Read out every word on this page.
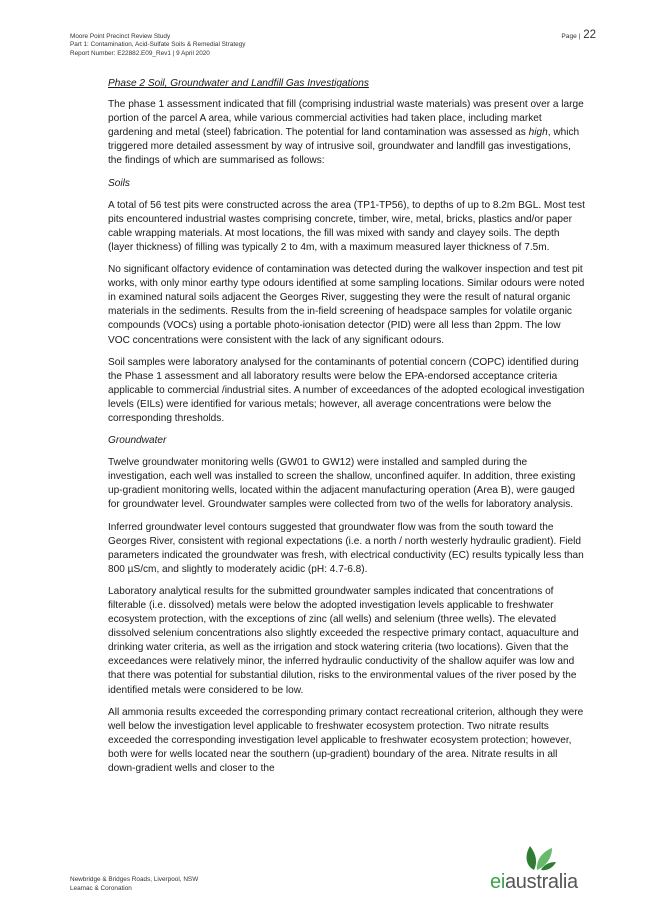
Moore Point Precinct Review Study
Part 1: Contamination, Acid-Sulfate Soils & Remedial Strategy
Report Number: E22882.E09_Rev1 | 9 April 2020
Page | 22
Phase 2 Soil, Groundwater and Landfill Gas Investigations

The phase 1 assessment indicated that fill (comprising industrial waste materials) was present over a large portion of the parcel A area, while various commercial activities had taken place, including market gardening and metal (steel) fabrication. The potential for land contamination was assessed as high, which triggered more detailed assessment by way of intrusive soil, groundwater and landfill gas investigations, the findings of which are summarised as follows:

Soils

A total of 56 test pits were constructed across the area (TP1-TP56), to depths of up to 8.2m BGL. Most test pits encountered industrial wastes comprising concrete, timber, wire, metal, bricks, plastics and/or paper cable wrapping materials. At most locations, the fill was mixed with sandy and clayey soils. The depth (layer thickness) of filling was typically 2 to 4m, with a maximum measured layer thickness of 7.5m.

No significant olfactory evidence of contamination was detected during the walkover inspection and test pit works, with only minor earthy type odours identified at some sampling locations. Similar odours were noted in examined natural soils adjacent the Georges River, suggesting they were the result of natural organic materials in the sediments. Results from the in-field screening of headspace samples for volatile organic compounds (VOCs) using a portable photo-ionisation detector (PID) were all less than 2ppm. The low VOC concentrations were consistent with the lack of any significant odours.

Soil samples were laboratory analysed for the contaminants of potential concern (COPC) identified during the Phase 1 assessment and all laboratory results were below the EPA-endorsed acceptance criteria applicable to commercial /industrial sites. A number of exceedances of the adopted ecological investigation levels (EILs) were identified for various metals; however, all average concentrations were below the corresponding thresholds.

Groundwater

Twelve groundwater monitoring wells (GW01 to GW12) were installed and sampled during the investigation, each well was installed to screen the shallow, unconfined aquifer. In addition, three existing up-gradient monitoring wells, located within the adjacent manufacturing operation (Area B), were gauged for groundwater level. Groundwater samples were collected from two of the wells for laboratory analysis.

Inferred groundwater level contours suggested that groundwater flow was from the south toward the Georges River, consistent with regional expectations (i.e. a north / north westerly hydraulic gradient). Field parameters indicated the groundwater was fresh, with electrical conductivity (EC) results typically less than 800 µS/cm, and slightly to moderately acidic (pH: 4.7-6.8).

Laboratory analytical results for the submitted groundwater samples indicated that concentrations of filterable (i.e. dissolved) metals were below the adopted investigation levels applicable to freshwater ecosystem protection, with the exceptions of zinc (all wells) and selenium (three wells). The elevated dissolved selenium concentrations also slightly exceeded the respective primary contact, aquaculture and drinking water criteria, as well as the irrigation and stock watering criteria (two locations). Given that the exceedances were relatively minor, the inferred hydraulic conductivity of the shallow aquifer was low and that there was potential for substantial dilution, risks to the environmental values of the river posed by the identified metals were considered to be low.

All ammonia results exceeded the corresponding primary contact recreational criterion, although they were well below the investigation level applicable to freshwater ecosystem protection. Two nitrate results exceeded the corresponding investigation level applicable to freshwater ecosystem protection; however, both were for wells located near the southern (up-gradient) boundary of the area. Nitrate results in all down-gradient wells and closer to the

Newbridge & Bridges Roads, Liverpool, NSW
Leamac & Coronation	eiaustralia
